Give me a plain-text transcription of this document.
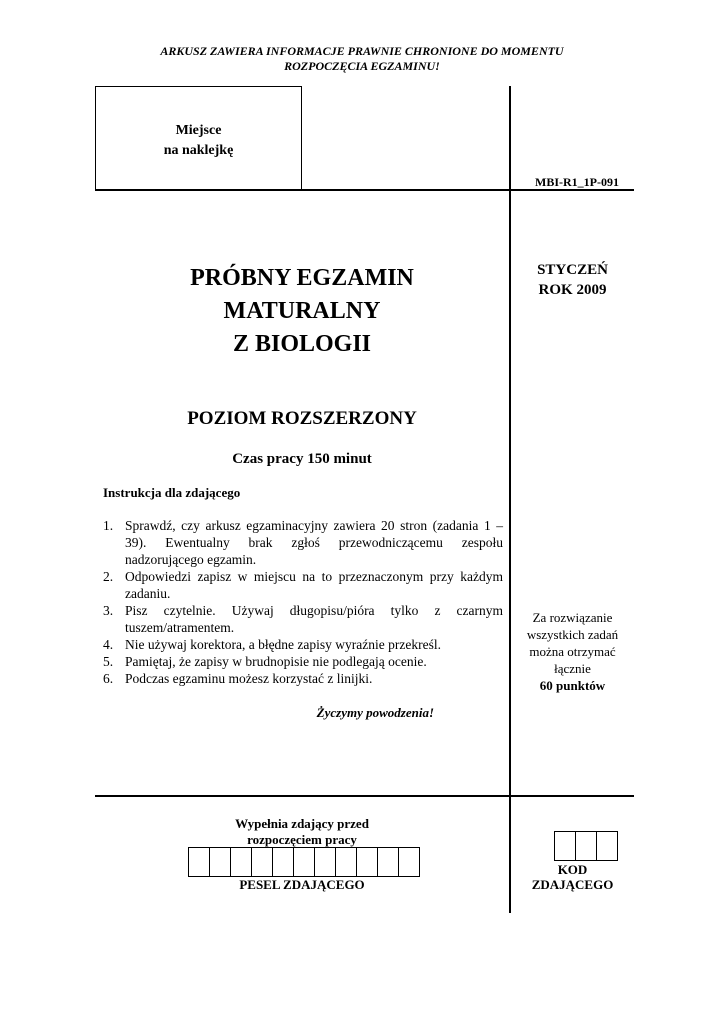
ARKUSZ ZAWIERA INFORMACJE PRAWNIE CHRONIONE DO MOMENTU
ROZPOCZĘCIA EGZAMINU!
Miejsce
na naklejkę
MBI-R1_1P-091
PRÓBNY EGZAMIN
MATURALNY
Z BIOLOGII
STYCZEŃ
ROK 2009
POZIOM ROZSZERZONY
Czas pracy 150 minut
Instrukcja dla zdającego
1. Sprawdź, czy arkusz egzaminacyjny zawiera 20 stron (zadania 1 – 39). Ewentualny brak zgłoś przewodniczącemu zespołu nadzorującego egzamin.
2. Odpowiedzi zapisz w miejscu na to przeznaczonym przy każdym zadaniu.
3. Pisz czytelnie. Używaj długopisu/pióra tylko z czarnym tuszem/atramentem.
4. Nie używaj korektora, a błędne zapisy wyraźnie przekreśl.
5. Pamiętaj, że zapisy w brudnopisie nie podlegają ocenie.
6. Podczas egzaminu możesz korzystać z linijki.
Życzymy powodzenia!
Za rozwiązanie
wszystkich zadań
można otrzymać
łącznie
60 punktów
Wypełnia zdający przed
rozpoczęciem pracy
PESEL ZDAJĄCEGO
KOD
ZDAJĄCEGO
